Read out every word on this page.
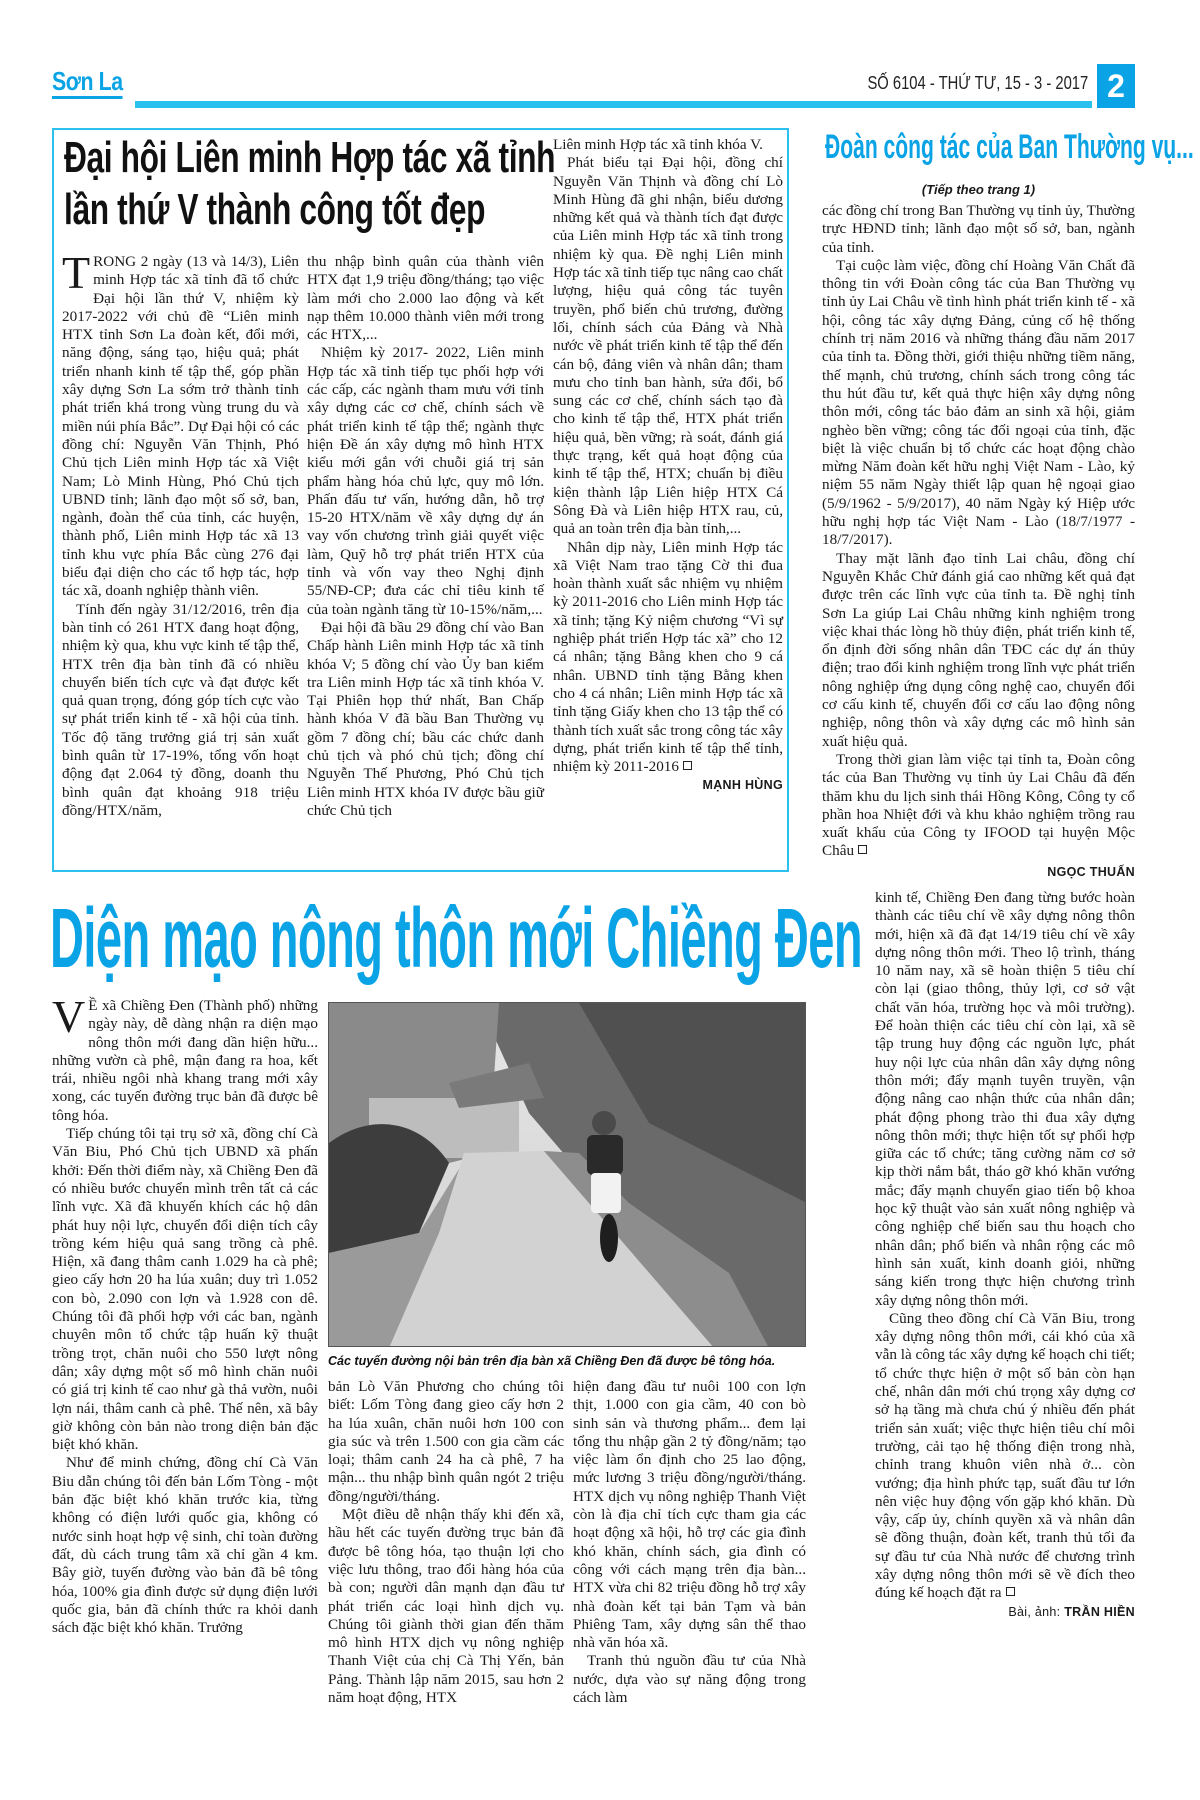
Sơn La	SỐ 6104 - THỨ TƯ, 15 - 3 - 2017 2
Đại hội Liên minh Hợp tác xã tỉnh
lần thứ V thành công tốt đẹp

TRONG 2 ngày (13 và 14/3), Liên minh Hợp tác xã tỉnh đã tổ chức Đại hội lần thứ V, nhiệm kỳ 2017-2022 với chủ đề “Liên minh HTX tỉnh Sơn La đoàn kết, đổi mới, năng động, sáng tạo, hiệu quả; phát triển nhanh kinh tế tập thể, góp phần xây dựng Sơn La sớm trở thành tỉnh phát triển khá trong vùng trung du và miền núi phía Bắc”. Dự Đại hội có các đồng chí: Nguyễn Văn Thịnh, Phó Chủ tịch Liên minh Hợp tác xã Việt Nam; Lò Minh Hùng, Phó Chủ tịch UBND tỉnh; lãnh đạo một số sở, ban, ngành, đoàn thể của tỉnh, các huyện, thành phố, Liên minh Hợp tác xã 13 tỉnh khu vực phía Bắc cùng 276 đại biểu đại diện cho các tổ hợp tác, hợp tác xã, doanh nghiệp thành viên.

Tính đến ngày 31/12/2016, trên địa bàn tỉnh có 261 HTX đang hoạt động, nhiệm kỳ qua, khu vực kinh tế tập thể, HTX trên địa bàn tỉnh đã có nhiều chuyển biến tích cực và đạt được kết quả quan trọng, đóng góp tích cực vào sự phát triển kinh tế - xã hội của tỉnh. Tốc độ tăng trưởng giá trị sản xuất bình quân từ 17-19%, tổng vốn hoạt động đạt 2.064 tỷ đồng, doanh thu bình quân đạt khoảng 918 triệu đồng/HTX/năm,

thu nhập bình quân của thành viên HTX đạt 1,9 triệu đồng/tháng; tạo việc làm mới cho 2.000 lao động và kết nạp thêm 10.000 thành viên mới trong các HTX,...

Nhiệm kỳ 2017- 2022, Liên minh Hợp tác xã tỉnh tiếp tục phối hợp với các cấp, các ngành tham mưu với tỉnh xây dựng các cơ chế, chính sách về phát triển kinh tế tập thể; ngành thực hiện Đề án xây dựng mô hình HTX kiểu mới gắn với chuỗi giá trị sản phẩm hàng hóa chủ lực, quy mô lớn. Phấn đấu tư vấn, hướng dẫn, hỗ trợ 15-20 HTX/năm về xây dựng dự án vay vốn chương trình giải quyết việc làm, Quỹ hỗ trợ phát triển HTX của tỉnh và vốn vay theo Nghị định 55/NĐ-CP; đưa các chỉ tiêu kinh tế của toàn ngành tăng từ 10-15%/năm,...

Đại hội đã bầu 29 đồng chí vào Ban Chấp hành Liên minh Hợp tác xã tỉnh khóa V; 5 đồng chí vào Ủy ban kiểm tra Liên minh Hợp tác xã tỉnh khóa V. Tại Phiên họp thứ nhất, Ban Chấp hành khóa V đã bầu Ban Thường vụ gồm 7 đồng chí; bầu các chức danh chủ tịch và phó chủ tịch; đồng chí Nguyễn Thế Phương, Phó Chủ tịch Liên minh HTX khóa IV được bầu giữ chức Chủ tịch

Liên minh Hợp tác xã tỉnh khóa V.

Phát biểu tại Đại hội, đồng chí Nguyễn Văn Thịnh và đồng chí Lò Minh Hùng đã ghi nhận, biểu dương những kết quả và thành tích đạt được của Liên minh Hợp tác xã tỉnh trong nhiệm kỳ qua. Đề nghị Liên minh Hợp tác xã tỉnh tiếp tục nâng cao chất lượng, hiệu quả công tác tuyên truyền, phổ biến chủ trương, đường lối, chính sách của Đảng và Nhà nước về phát triển kinh tế tập thể đến cán bộ, đảng viên và nhân dân; tham mưu cho tỉnh ban hành, sửa đổi, bổ sung các cơ chế, chính sách tạo đà cho kinh tế tập thể, HTX phát triển hiệu quả, bền vững; rà soát, đánh giá thực trạng, kết quả hoạt động của kinh tế tập thể, HTX; chuẩn bị điều kiện thành lập Liên hiệp HTX Cá Sông Đà và Liên hiệp HTX rau, củ, quả an toàn trên địa bàn tỉnh,...

Nhân dịp này, Liên minh Hợp tác xã Việt Nam trao tặng Cờ thi đua hoàn thành xuất sắc nhiệm vụ nhiệm kỳ 2011-2016 cho Liên minh Hợp tác xã tỉnh; tặng Kỷ niệm chương “Vì sự nghiệp phát triển Hợp tác xã” cho 12 cá nhân; tặng Bằng khen cho 9 cá nhân. UBND tỉnh tặng Bằng khen cho 4 cá nhân; Liên minh Hợp tác xã tỉnh tặng Giấy khen cho 13 tập thể có thành tích xuất sắc trong công tác xây dựng, phát triển kinh tế tập thể tỉnh, nhiệm kỳ 2011-2016

MẠNH HÙNG
Đoàn công tác của Ban Thường vụ...
(Tiếp theo trang 1)

các đồng chí trong Ban Thường vụ tỉnh ủy, Thường trực HĐND tỉnh; lãnh đạo một số sở, ban, ngành của tỉnh.

Tại cuộc làm việc, đồng chí Hoàng Văn Chất đã thông tin với Đoàn công tác của Ban Thường vụ tỉnh ủy Lai Châu về tình hình phát triển kinh tế - xã hội, công tác xây dựng Đảng, củng cố hệ thống chính trị năm 2016 và những tháng đầu năm 2017 của tỉnh ta. Đồng thời, giới thiệu những tiềm năng, thế mạnh, chủ trương, chính sách trong công tác thu hút đầu tư, kết quả thực hiện xây dựng nông thôn mới, công tác bảo đảm an sinh xã hội, giảm nghèo bền vững; công tác đối ngoại của tỉnh, đặc biệt là việc chuẩn bị tổ chức các hoạt động chào mừng Năm đoàn kết hữu nghị Việt Nam - Lào, kỷ niệm 55 năm Ngày thiết lập quan hệ ngoại giao (5/9/1962 - 5/9/2017), 40 năm Ngày ký Hiệp ước hữu nghị hợp tác Việt Nam - Lào (18/7/1977 - 18/7/2017).

Thay mặt lãnh đạo tỉnh Lai châu, đồng chí Nguyễn Khắc Chử đánh giá cao những kết quả đạt được trên các lĩnh vực của tỉnh ta. Đề nghị tỉnh Sơn La giúp Lai Châu những kinh nghiệm trong việc khai thác lòng hồ thủy điện, phát triển kinh tế, ổn định đời sống nhân dân TĐC các dự án thủy điện; trao đổi kinh nghiệm trong lĩnh vực phát triển nông nghiệp ứng dụng công nghệ cao, chuyển đổi cơ cấu kinh tế, chuyển đổi cơ cấu lao động nông nghiệp, nông thôn và xây dựng các mô hình sản xuất hiệu quả.

Trong thời gian làm việc tại tỉnh ta, Đoàn công tác của Ban Thường vụ tỉnh ủy Lai Châu đã đến thăm khu du lịch sinh thái Hồng Kông, Công ty cổ phần hoa Nhiệt đới và khu khảo nghiệm trồng rau xuất khẩu của Công ty IFOOD tại huyện Mộc Châu

NGỌC THUẤN
Diện mạo nông thôn mới Chiềng Đen

V Ề xã Chiềng Đen (Thành phố) những ngày này, dễ dàng nhận ra diện mạo nông thôn mới đang dần hiện hữu... những vườn cà phê, mận đang ra hoa, kết trái, nhiều ngôi nhà khang trang mới xây xong, các tuyến đường trục bản đã được bê tông hóa.

Tiếp chúng tôi tại trụ sở xã, đồng chí Cà Văn Biu, Phó Chủ tịch UBND xã phấn khởi: Đến thời điểm này, xã Chiềng Đen đã có nhiều bước chuyển mình trên tất cả các lĩnh vực. Xã đã khuyến khích các hộ dân phát huy nội lực, chuyển đổi diện tích cây trồng kém hiệu quả sang trồng cà phê. Hiện, xã đang thâm canh 1.029 ha cà phê; gieo cấy hơn 20 ha lúa xuân; duy trì 1.052 con bò, 2.090 con lợn và 1.928 con dê. Chúng tôi đã phối hợp với các ban, ngành chuyên môn tổ chức tập huấn kỹ thuật trồng trọt, chăn nuôi cho 550 lượt nông dân; xây dựng một số mô hình chăn nuôi có giá trị kinh tế cao như gà thả vườn, nuôi lợn nái, thâm canh cà phê. Thế nên, xã bây giờ không còn bản nào trong diện bản đặc biệt khó khăn.

Như để minh chứng, đồng chí Cà Văn Biu dẫn chúng tôi đến bản Lốm Tòng - một bản đặc biệt khó khăn trước kia, từng không có điện lưới quốc gia, không có nước sinh hoạt hợp vệ sinh, chỉ toàn đường đất, dù cách trung tâm xã chỉ gần 4 km. Bây giờ, tuyến đường vào bản đã bê tông hóa, 100% gia đình được sử dụng điện lưới quốc gia, bản đã chính thức ra khỏi danh sách đặc biệt khó khăn. Trưởng

Các tuyến đường nội bản trên địa bàn xã Chiềng Đen đã được bê tông hóa.

bản Lò Văn Phương cho chúng tôi biết: Lốm Tòng đang gieo cấy hơn 2 ha lúa xuân, chăn nuôi hơn 100 con gia súc và trên 1.500 con gia cầm các loại; thâm canh 24 ha cà phê, 7 ha mận... thu nhập bình quân ngót 2 triệu đồng/người/tháng.

Một điều dễ nhận thấy khi đến xã, hầu hết các tuyến đường trục bản đã được bê tông hóa, tạo thuận lợi cho việc lưu thông, trao đổi hàng hóa của bà con; người dân mạnh dạn đầu tư phát triển các loại hình dịch vụ. Chúng tôi giành thời gian đến thăm mô hình HTX dịch vụ nông nghiệp Thanh Việt của chị Cà Thị Yến, bản Pảng. Thành lập năm 2015, sau hơn 2 năm hoạt động, HTX

hiện đang đầu tư nuôi 100 con lợn thịt, 1.000 con gia cầm, 40 con bò sinh sản và thương phẩm... đem lại tổng thu nhập gần 2 tỷ đồng/năm; tạo việc làm ổn định cho 25 lao động, mức lương 3 triệu đồng/người/tháng. HTX dịch vụ nông nghiệp Thanh Việt còn là địa chỉ tích cực tham gia các hoạt động xã hội, hỗ trợ các gia đình khó khăn, chính sách, gia đình có công với cách mạng trên địa bàn... HTX vừa chi 82 triệu đồng hỗ trợ xây nhà đoàn kết tại bản Tạm và bản Phiêng Tam, xây dựng sân thể thao nhà văn hóa xã.

Tranh thủ nguồn đầu tư của Nhà nước, dựa vào sự năng động trong cách làm

kinh tế, Chiềng Đen đang từng bước hoàn thành các tiêu chí về xây dựng nông thôn mới, hiện xã đã đạt 14/19 tiêu chí về xây dựng nông thôn mới. Theo lộ trình, tháng 10 năm nay, xã sẽ hoàn thiện 5 tiêu chí còn lại (giao thông, thủy lợi, cơ sở vật chất văn hóa, trường học và môi trường). Để hoàn thiện các tiêu chí còn lại, xã sẽ tập trung huy động các nguồn lực, phát huy nội lực của nhân dân xây dựng nông thôn mới; đẩy mạnh tuyên truyền, vận động nâng cao nhận thức của nhân dân; phát động phong trào thi đua xây dựng nông thôn mới; thực hiện tốt sự phối hợp giữa các tổ chức; tăng cường năm cơ sở kịp thời nắm bắt, tháo gỡ khó khăn vướng mắc; đẩy mạnh chuyển giao tiến bộ khoa học kỹ thuật vào sản xuất nông nghiệp và công nghiệp chế biến sau thu hoạch cho nhân dân; phổ biến và nhân rộng các mô hình sản xuất, kinh doanh giỏi, những sáng kiến trong thực hiện chương trình xây dựng nông thôn mới.

Cũng theo đồng chí Cà Văn Biu, trong xây dựng nông thôn mới, cái khó của xã vẫn là công tác xây dựng kế hoạch chi tiết; tổ chức thực hiện ở một số bản còn hạn chế, nhân dân mới chú trọng xây dựng cơ sở hạ tầng mà chưa chú ý nhiều đến phát triển sản xuất; việc thực hiện tiêu chí môi trường, cải tạo hệ thống điện trong nhà, chỉnh trang khuôn viên nhà ở... còn vướng; địa hình phức tạp, suất đầu tư lớn nên việc huy động vốn gặp khó khăn. Dù vậy, cấp ủy, chính quyền xã và nhân dân sẽ đồng thuận, đoàn kết, tranh thủ tối đa sự đầu tư của Nhà nước để chương trình xây dựng nông thôn mới sẽ về đích theo đúng kế hoạch đặt ra

Bài, ảnh: TRẦN HIỀN
